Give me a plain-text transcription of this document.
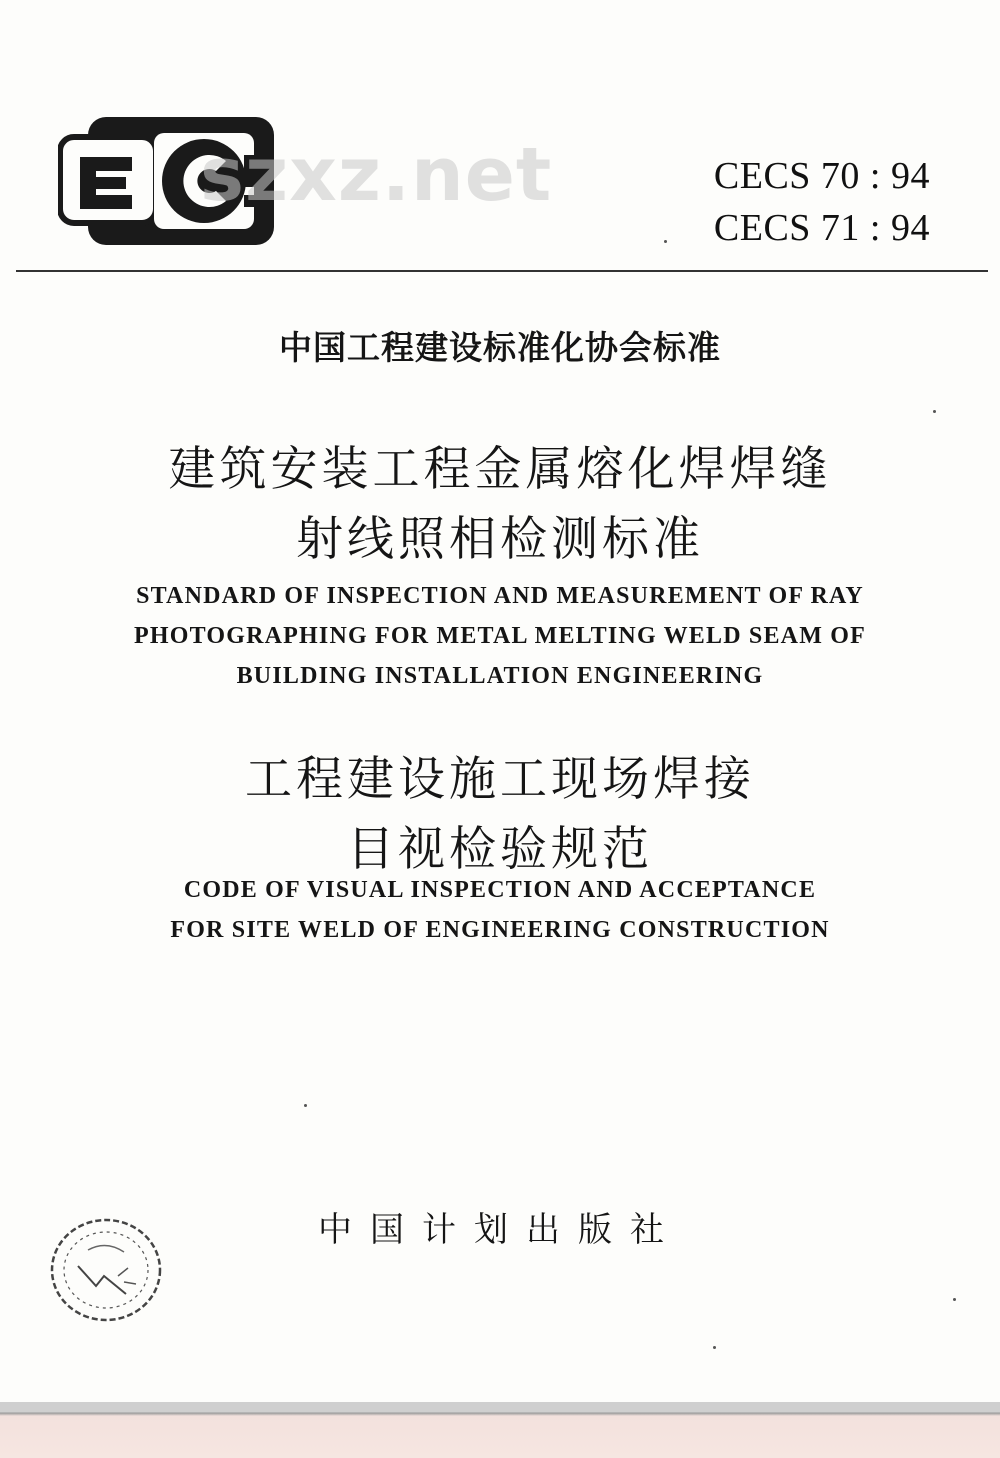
szxz.net	CECS 70 : 94
CECS 71 : 94
中国工程建设标准化协会标准
建筑安装工程金属熔化焊焊缝
射线照相检测标准
STANDARD OF INSPECTION AND MEASUREMENT OF RAY
PHOTOGRAPHING FOR METAL MELTING WELD SEAM OF
BUILDING INSTALLATION ENGINEERING
工程建设施工现场焊接
目视检验规范
CODE OF VISUAL INSPECTION AND ACCEPTANCE
FOR SITE WELD OF ENGINEERING CONSTRUCTION
中国计划出版社
